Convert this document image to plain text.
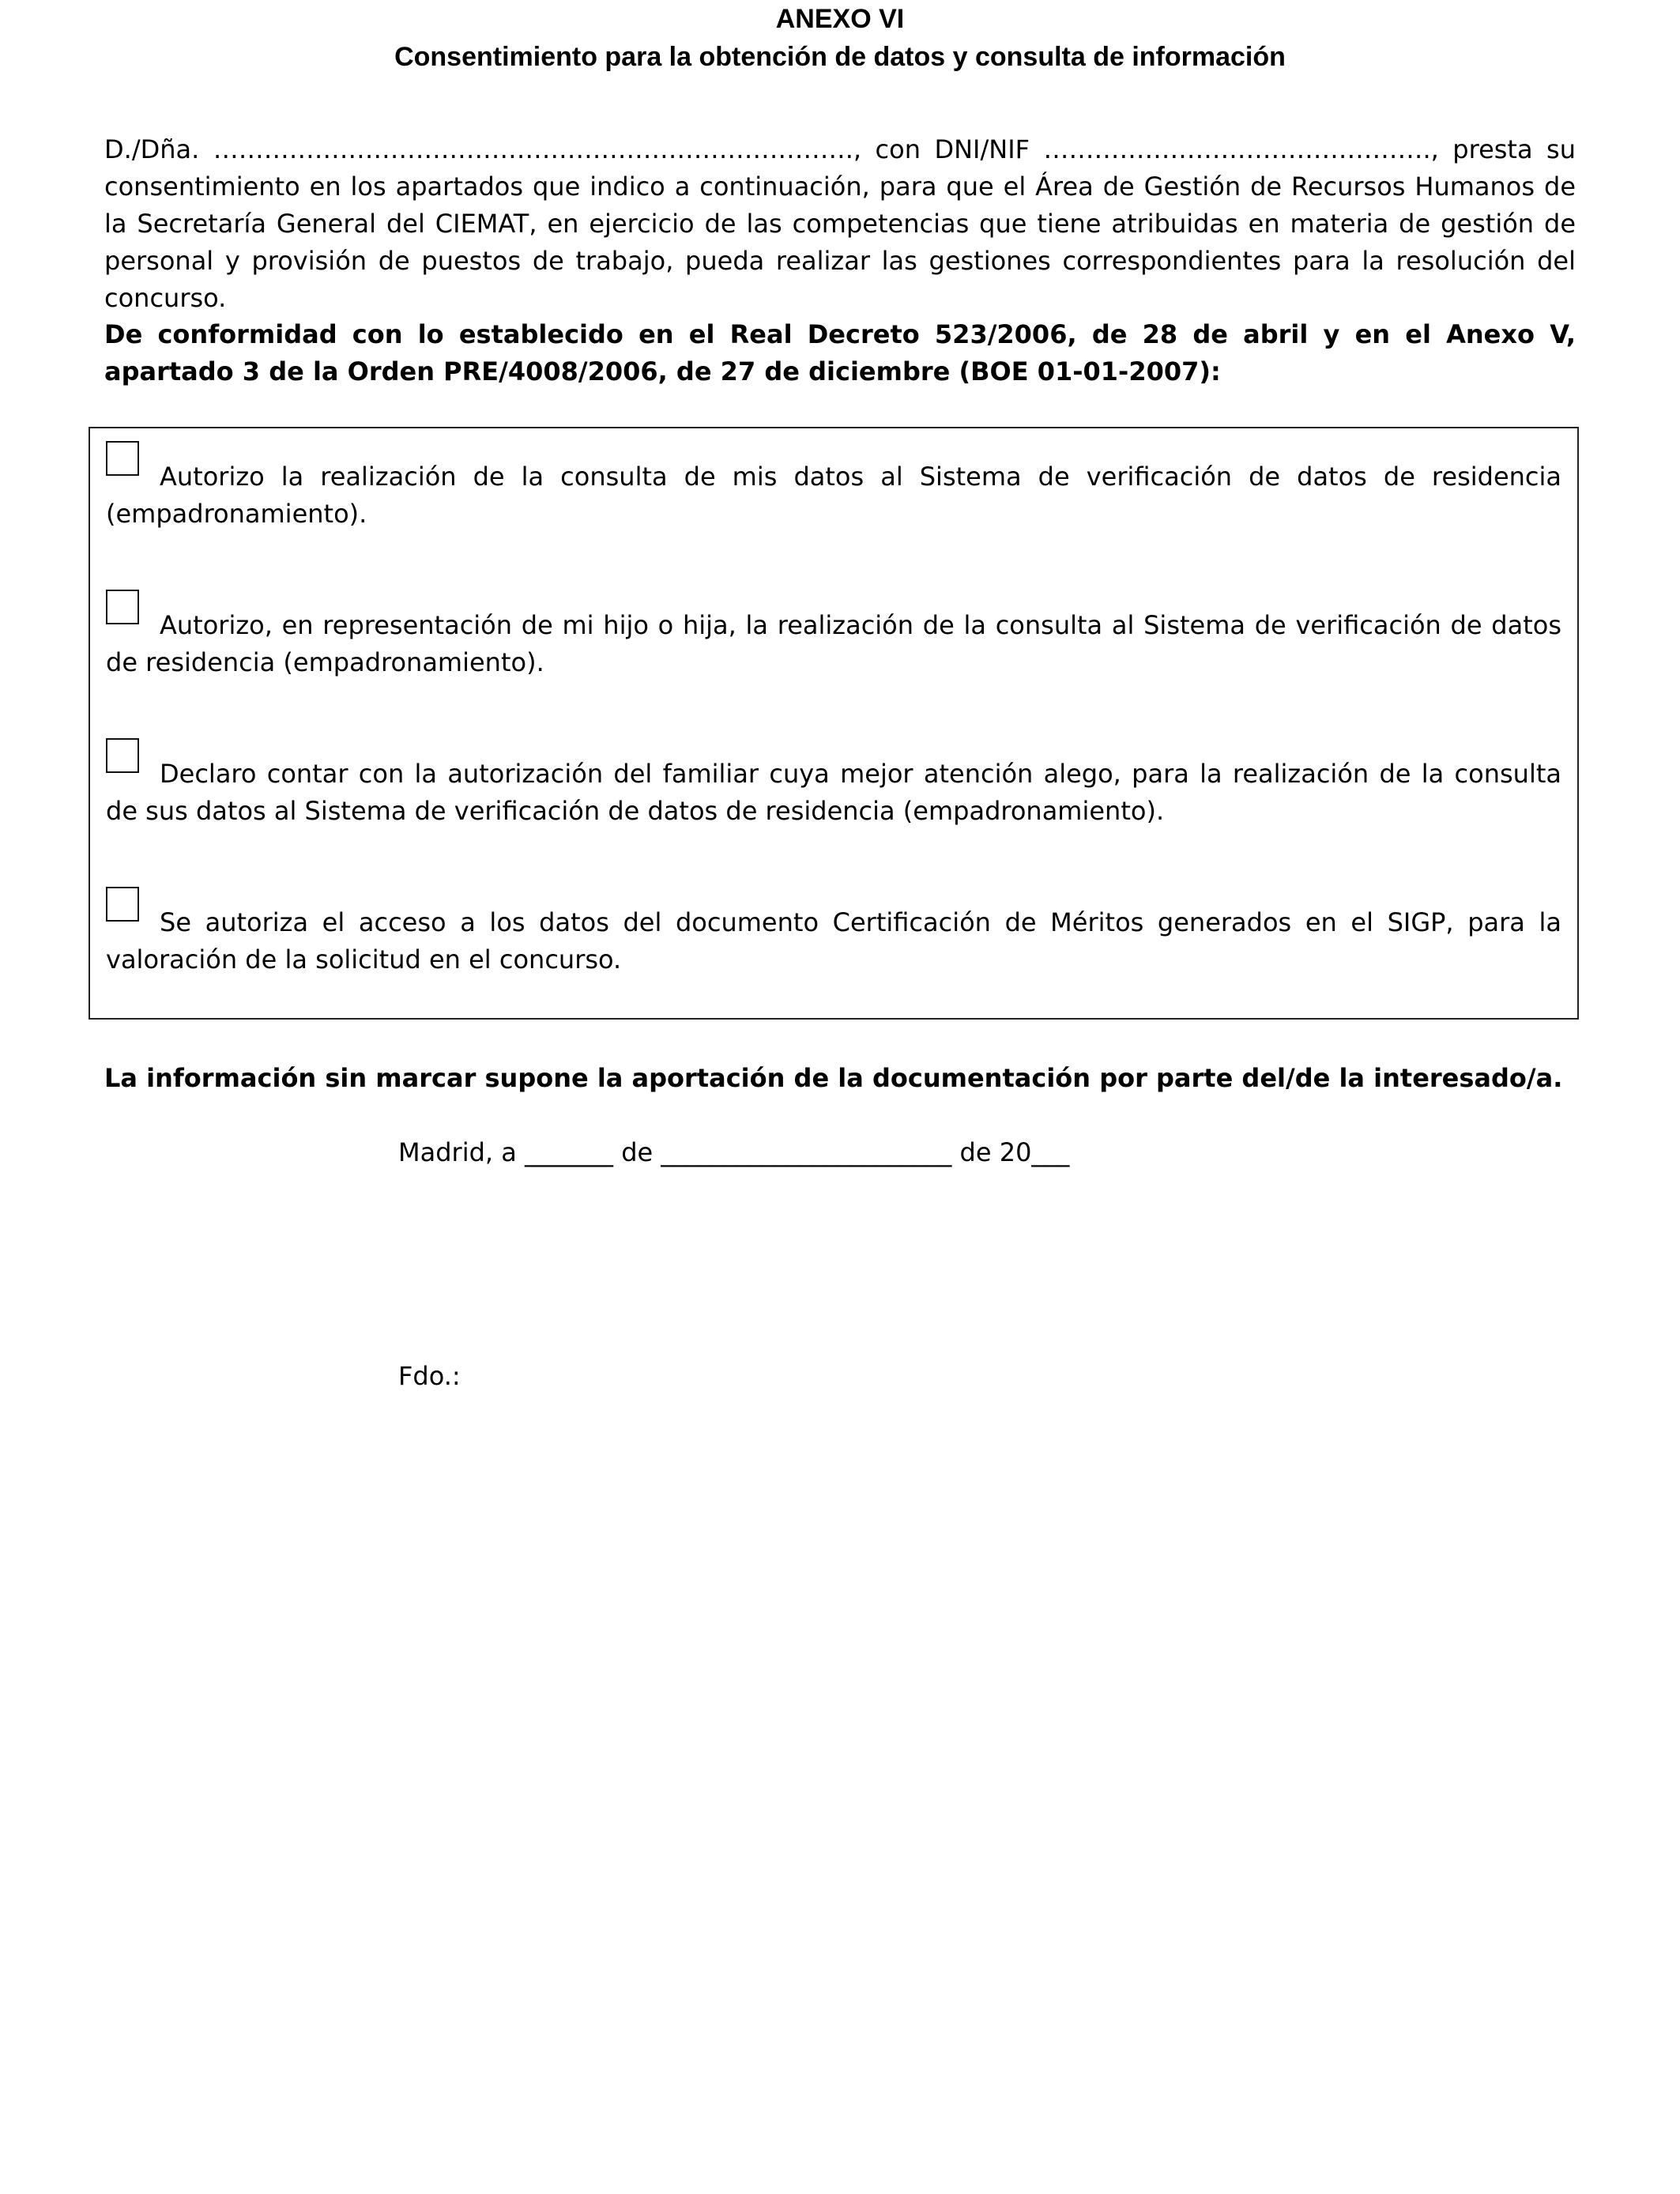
ANEXO VI
Consentimiento para la obtención de datos y consulta de información
D./Dña. …………………………………………………………………., con DNI/NIF ………………………………………., presta su consentimiento en los apartados que indico a continuación, para que el Área de Gestión de Recursos Humanos de la Secretaría General del CIEMAT, en ejercicio de las competencias que tiene atribuidas en materia de gestión de personal y provisión de puestos de trabajo, pueda realizar las gestiones correspondientes para la resolución del concurso.
De conformidad con lo establecido en el Real Decreto 523/2006, de 28 de abril y en el Anexo V, apartado 3 de la Orden PRE/4008/2006, de 27 de diciembre (BOE 01-01-2007):
Autorizo la realización de la consulta de mis datos al Sistema de verificación de datos de residencia (empadronamiento).
Autorizo, en representación de mi hijo o hija, la realización de la consulta al Sistema de verificación de datos de residencia (empadronamiento).
Declaro contar con la autorización del familiar cuya mejor atención alego, para la realización de la consulta de sus datos al Sistema de verificación de datos de residencia (empadronamiento).
Se autoriza el acceso a los datos del documento Certificación de Méritos generados en el SIGP, para la valoración de la solicitud en el concurso.
La información sin marcar supone la aportación de la documentación por parte del/de la interesado/a.
Madrid, a _______ de _______________________ de 20___
Fdo.:
